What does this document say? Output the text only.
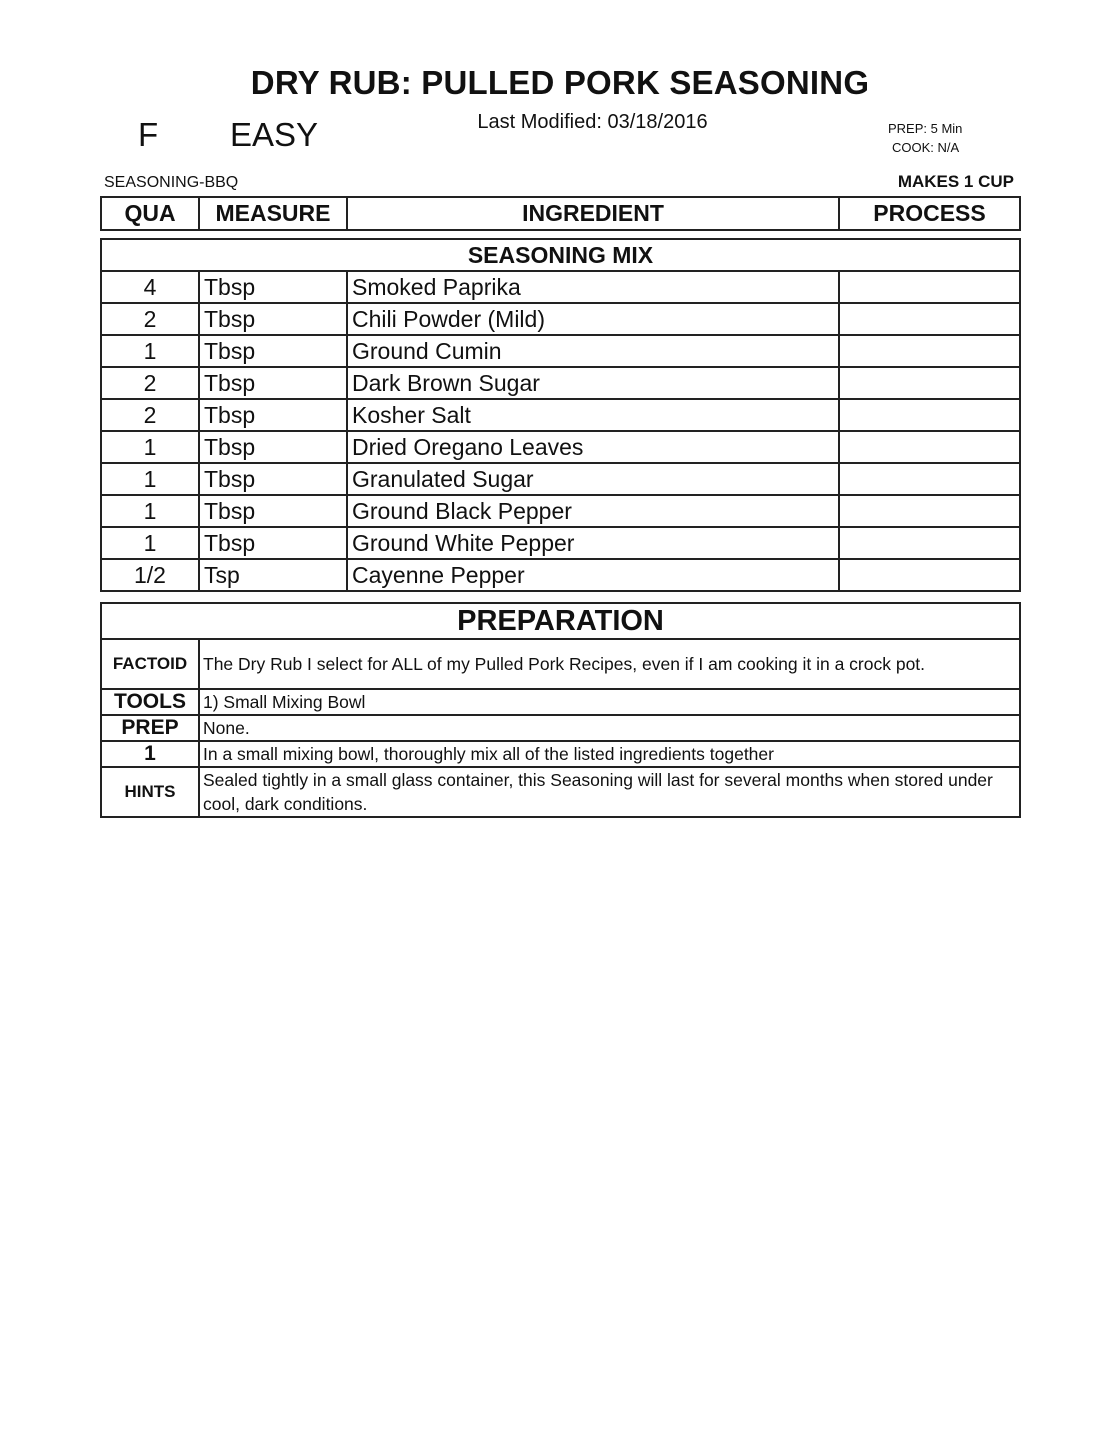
DRY RUB: PULLED PORK SEASONING
F EASY	Last Modified: 03/18/2016	PREP: 5 Min
COOK: N/A
SEASONING-BBQ	MAKES 1 CUP
QUA	MEASURE	INGREDIENT	PROCESS
SEASONING MIX			
4	Tbsp	Smoked Paprika	
2	Tbsp	Chili Powder (Mild)	
1	Tbsp	Ground Cumin	
2	Tbsp	Dark Brown Sugar	
2	Tbsp	Kosher Salt	
1	Tbsp	Dried Oregano Leaves	
1	Tbsp	Granulated Sugar	
1	Tbsp	Ground Black Pepper	
1	Tbsp	Ground White Pepper	
1/2	Tsp	Cayenne Pepper	
PREPARATION	
FACTOID	The Dry Rub I select for ALL of my Pulled Pork Recipes, even if I am cooking it in a crock pot.
TOOLS	1) Small Mixing Bowl
PREP	None.
1	In a small mixing bowl, thoroughly mix all of the listed ingredients together
HINTS	Sealed tightly in a small glass container, this Seasoning will last for several months when stored under cool, dark conditions.
